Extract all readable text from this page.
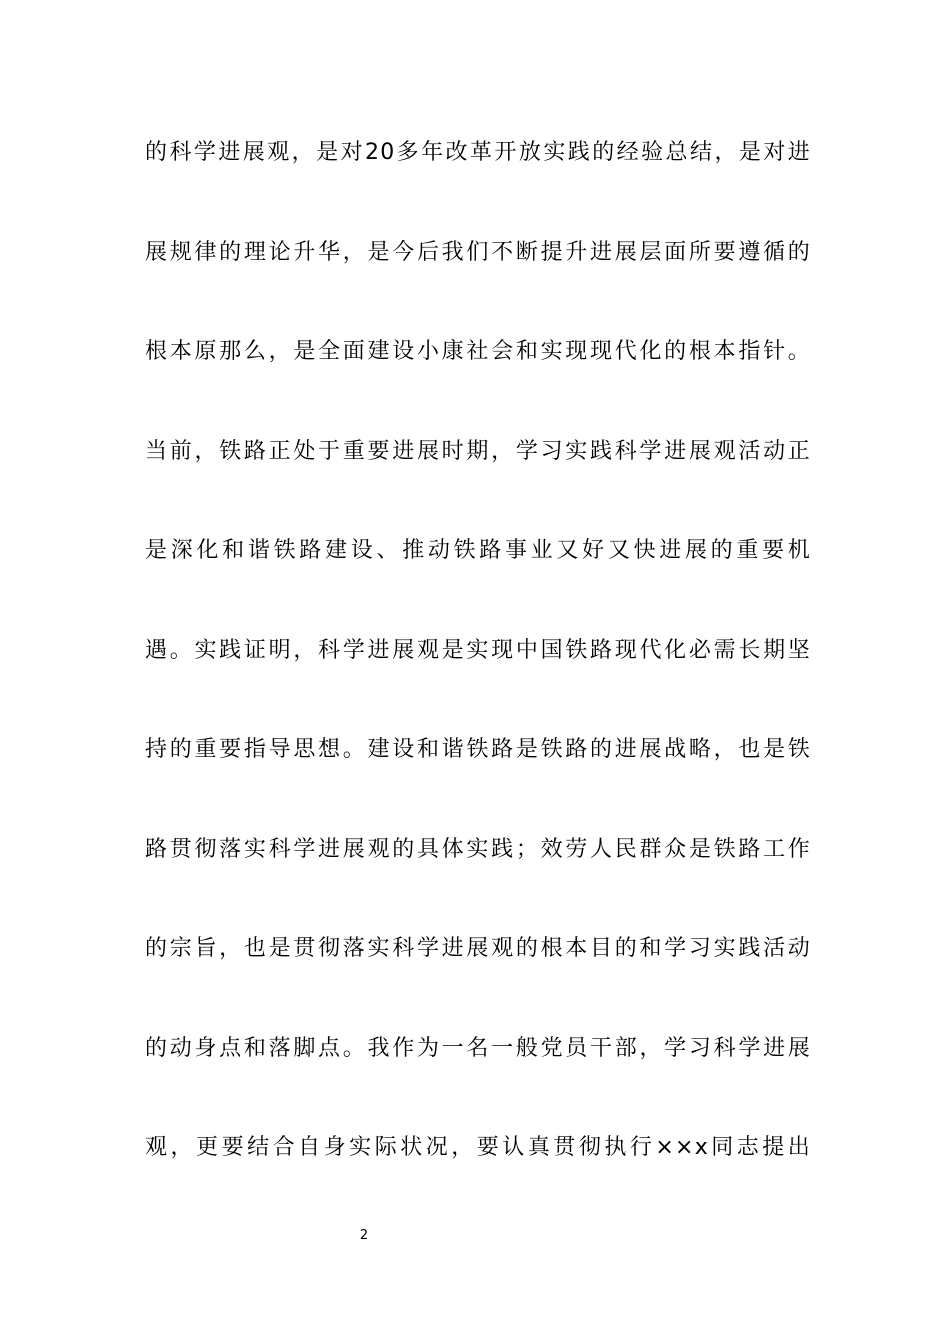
的科学进展观，是对20多年改革开放实践的经验总结，是对进
展规律的理论升华，是今后我们不断提升进展层面所要遵循的
根本原那么，是全面建设小康社会和实现现代化的根本指针。
当前，铁路正处于重要进展时期，学习实践科学进展观活动正
是深化和谐铁路建设、推动铁路事业又好又快进展的重要机
遇。实践证明，科学进展观是实现中国铁路现代化必需长期坚
持的重要指导思想。建设和谐铁路是铁路的进展战略，也是铁
路贯彻落实科学进展观的具体实践；效劳人民群众是铁路工作
的宗旨，也是贯彻落实科学进展观的根本目的和学习实践活动
的动身点和落脚点。我作为一名一般党员干部，学习科学进展
观，更要结合自身实际状况，要认真贯彻执行××x同志提出
2
